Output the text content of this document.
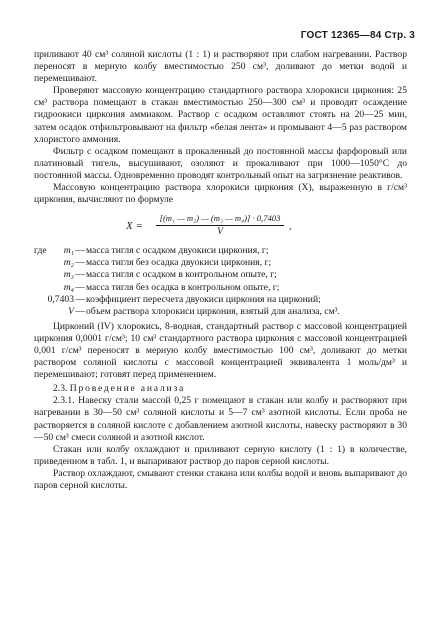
ГОСТ 12365—84 Стр. 3

приливают 40 см³ соляной кислоты (1 : 1) и растворяют при слабом нагревании. Раствор переносят в мерную колбу вместимостью 250 см³, доливают до метки водой и перемешивают.

Проверяют массовую концентрацию стандартного раствора хлорокиси циркония: 25 см³ раствора помещают в стакан вместимостью 250—300 см³ и проводят осаждение гидроокиси циркония аммиаком. Раствор с осадком оставляют стоять на 20—25 мин, затем осадок отфильтровывают на фильтр «белая лента» и промывают 4—5 раз раствором хлористого аммония.

Фильтр с осадком помещают в прокаленный до постоянной массы фарфоровый или платиновый тигель, высушивают, озоляют и прокаливают при 1000—1050°С до постоянной массы. Одновременно проводят контрольный опыт на загрязнение реактивов.

Массовую концентрацию раствора хлорокиси циркония (X), выраженную в г/см³ циркония, вычисляют по формуле

$X = \frac{\text{[(m₁ — m₂) — (m₃ — m₄)] · 0,7403}}{V}$ ,
где	m₁ — масса тигля с осадком двуокиси циркония, г;
m₂ — масса тигля без осадка двуокиси циркония, г;
m₃ — масса тигля с осадком в контрольном опыте, г;
m₄ — масса тигля без осадка в контрольном опыте, г;
0,7403 — коэффициент пересчета двуокиси циркония на цирконий;
V — объем раствора хлорокиси циркония, взятый для анализа, см³.

Цирконий (IV) хлорокись, 8-водная, стандартный раствор с массовой концентрацией циркония 0,0001 г/см³; 10 см³ стандартного раствора циркония с массовой концентрацией 0,001 г/см³ переносят в мерную колбу вместимостью 100 см³, доливают до метки раствором соляной кислоты с массовой концентрацией эквивалента 1 моль/дм³ и перемешивают; готовят перед применением.

2.3. Проведение анализа

2.3.1. Навеску стали массой 0,25 г помещают в стакан или колбу и растворяют при нагревании в 30—50 см³ соляной кислоты и 5—7 см³ азотной кислоты. Если проба не растворяется в соляной кислоте с добавлением азотной кислоты, навеску растворяют в 30—50 см³ смеси соляной и азотной кислот.

Стакан или колбу охлаждают и приливают серную кислоту (1 : 1) в количестве, приведенном в табл. 1, и выпаривают раствор до паров серной кислоты.

Раствор охлаждают, смывают стенки стакана или колбы водой и вновь выпаривают до паров серной кислоты.
